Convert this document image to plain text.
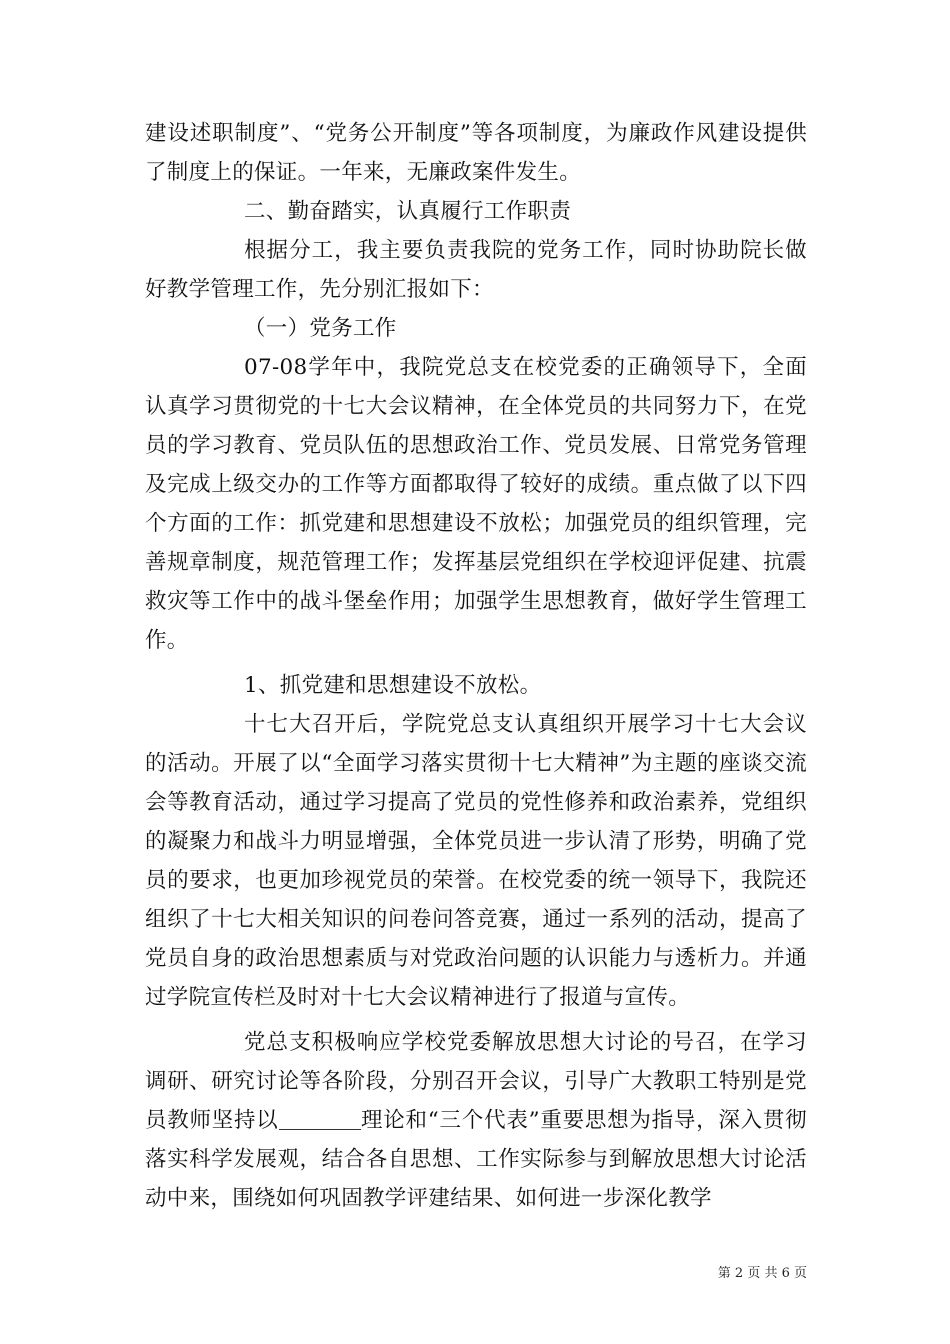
建设述职制度”、“党务公开制度”等各项制度，为廉政作风建设提供了制度上的保证。一年来，无廉政案件发生。

二、勤奋踏实，认真履行工作职责

根据分工，我主要负责我院的党务工作，同时协助院长做好教学管理工作，先分别汇报如下：

（一）党务工作

07-08学年中，我院党总支在校党委的正确领导下，全面认真学习贯彻党的十七大会议精神，在全体党员的共同努力下，在党员的学习教育、党员队伍的思想政治工作、党员发展、日常党务管理及完成上级交办的工作等方面都取得了较好的成绩。重点做了以下四个方面的工作：抓党建和思想建设不放松；加强党员的组织管理，完善规章制度，规范管理工作；发挥基层党组织在学校迎评促建、抗震救灾等工作中的战斗堡垒作用；加强学生思想教育，做好学生管理工作。

1、抓党建和思想建设不放松。

十七大召开后，学院党总支认真组织开展学习十七大会议的活动。开展了以“全面学习落实贯彻十七大精神”为主题的座谈交流会等教育活动，通过学习提高了党员的党性修养和政治素养，党组织的凝聚力和战斗力明显增强，全体党员进一步认清了形势，明确了党员的要求，也更加珍视党员的荣誉。在校党委的统一领导下，我院还组织了十七大相关知识的问卷问答竞赛，通过一系列的活动，提高了党员自身的政治思想素质与对党政治问题的认识能力与透析力。并通过学院宣传栏及时对十七大会议精神进行了报道与宣传。

党总支积极响应学校党委解放思想大讨论的号召，在学习调研、研究讨论等各阶段，分别召开会议，引导广大教职工特别是党员教师坚持以	理论和“三个代表”重要思想为指导，深入贯彻落实科学发展观，结合各自思想、工作实际参与到解放思想大讨论活动中来，围绕如何巩固教学评建结果、如何进一步深化教学

第 2 页 共 6 页
